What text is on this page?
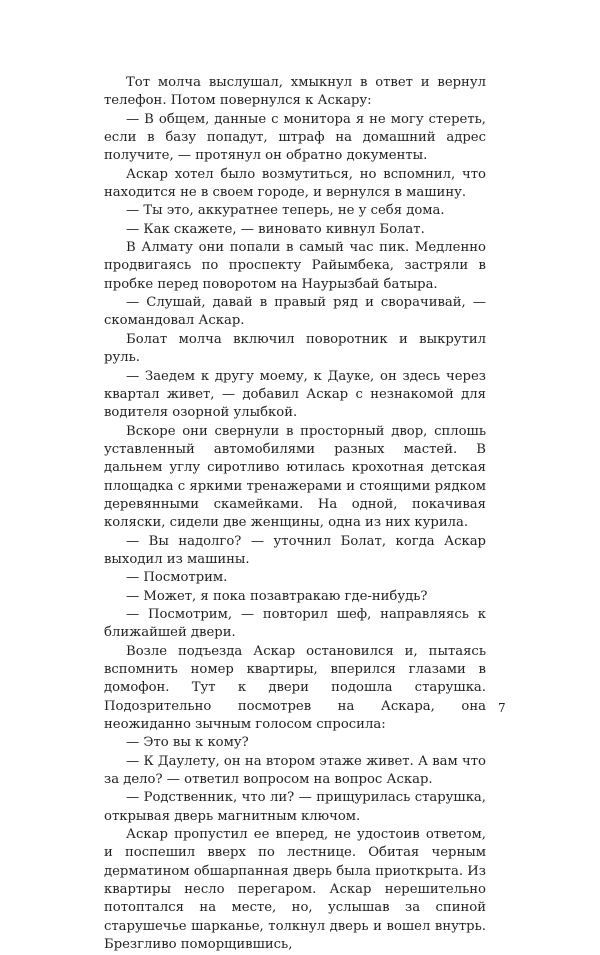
Тот молча выслушал, хмыкнул в ответ и вернул телефон. Потом повернулся к Аскару:

— В общем, данные с монитора я не могу стереть, если в базу попадут, штраф на домашний адрес получите, — протянул он обратно документы.

Аскар хотел было возмутиться, но вспомнил, что находится не в своем городе, и вернулся в машину.

— Ты это, аккуратнее теперь, не у себя дома.

— Как скажете, — виновато кивнул Болат.

В Алмату они попали в самый час пик. Медленно продвигаясь по проспекту Райымбека, застряли в пробке перед поворотом на Наурызбай батыра.

— Слушай, давай в правый ряд и сворачивай, — скомандовал Аскар.

Болат молча включил поворотник и выкрутил руль.

— Заедем к другу моему, к Дауке, он здесь через квартал живет, — добавил Аскар с незнакомой для водителя озорной улыбкой.

Вскоре они свернули в просторный двор, сплошь уставленный автомобилями разных мастей. В дальнем углу сиротливо ютилась крохотная детская площадка с яркими тренажерами и стоящими рядком деревянными скамейками. На одной, покачивая коляски, сидели две женщины, одна из них курила.

— Вы надолго? — уточнил Болат, когда Аскар выходил из машины.

— Посмотрим.

— Может, я пока позавтракаю где-нибудь?

— Посмотрим, — повторил шеф, направляясь к ближайшей двери.

Возле подъезда Аскар остановился и, пытаясь вспомнить номер квартиры, вперился глазами в домофон. Тут к двери подошла старушка. Подозрительно посмотрев на Аскара, она неожиданно зычным голосом спросила:

— Это вы к кому?

— К Даулету, он на втором этаже живет. А вам что за дело? — ответил вопросом на вопрос Аскар.

— Родственник, что ли? — прищурилась старушка, открывая дверь магнитным ключом.

Аскар пропустил ее вперед, не удостоив ответом, и поспешил вверх по лестнице. Обитая черным дерматином обшарпанная дверь была приоткрыта. Из квартиры несло перегаром. Аскар нерешительно потоптался на месте, но, услышав за спиной старушечье шарканье, толкнул дверь и вошел внутрь. Брезгливо поморщившись,

7
